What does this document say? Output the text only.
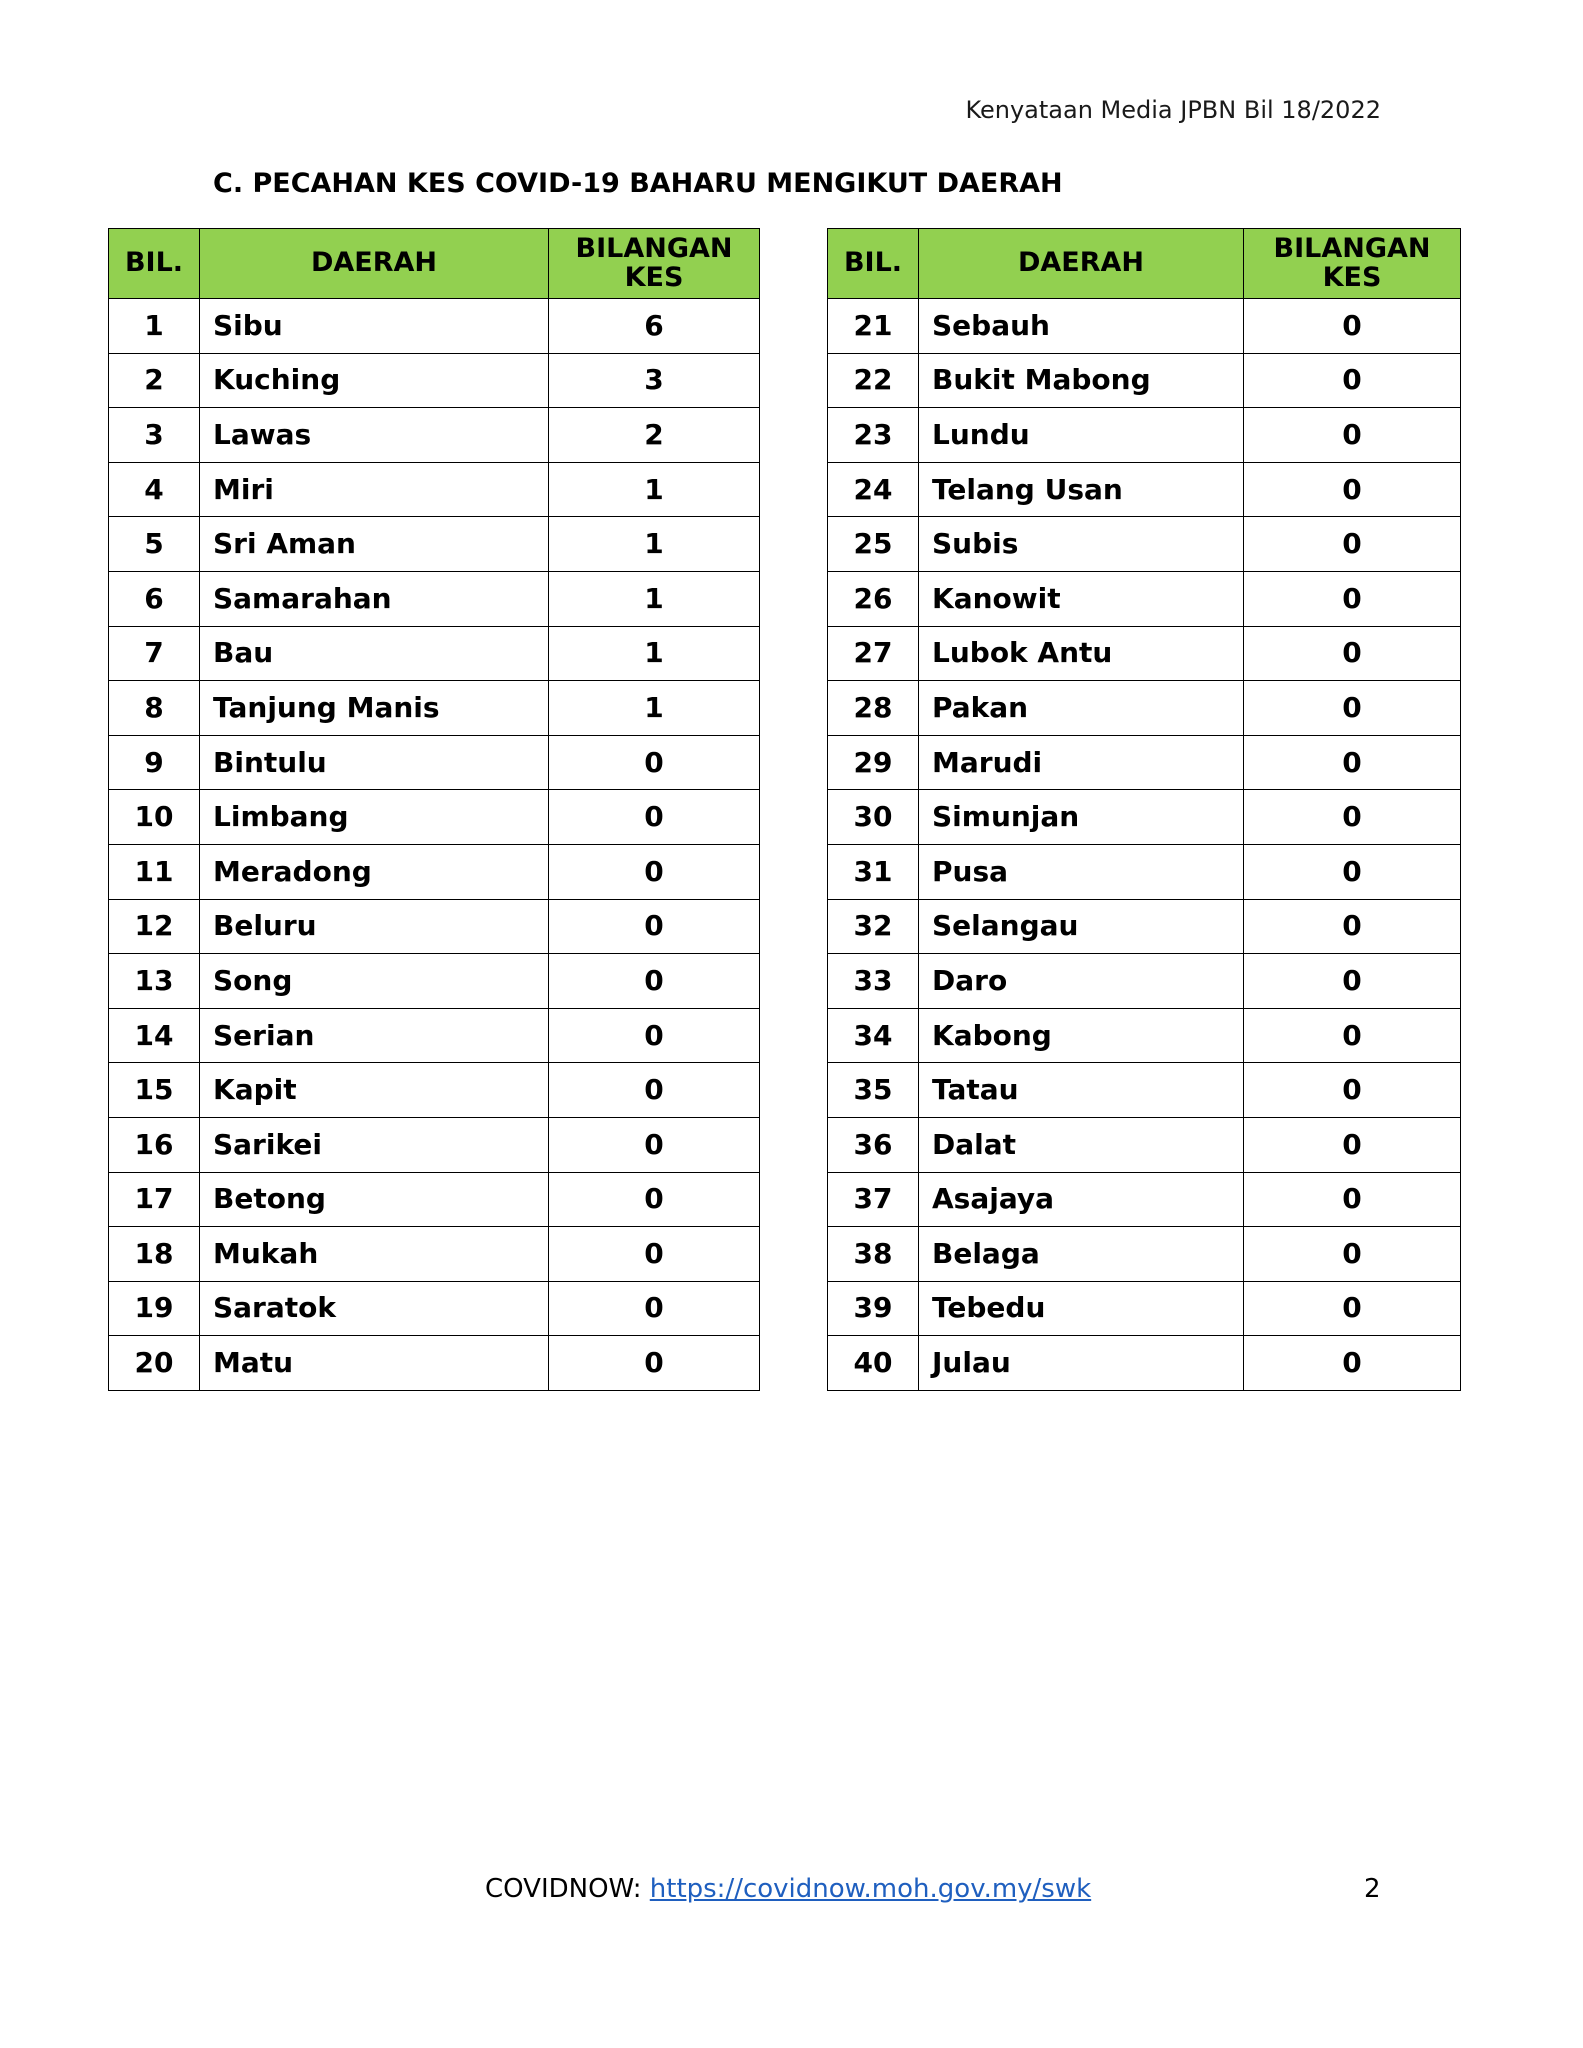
Kenyataan Media JPBN Bil 18/2022
C. PECAHAN KES COVID-19 BAHARU MENGIKUT DAERAH
BIL.	DAERAH	BILANGAN
KES
1	Sibu	6
2	Kuching	3
3	Lawas	2
4	Miri	1
5	Sri Aman	1
6	Samarahan	1
7	Bau	1
8	Tanjung Manis	1
9	Bintulu	0
10	Limbang	0
11	Meradong	0
12	Beluru	0
13	Song	0
14	Serian	0
15	Kapit	0
16	Sarikei	0
17	Betong	0
18	Mukah	0
19	Saratok	0
20	Matu	0
BIL.	DAERAH	BILANGAN
KES
21	Sebauh	0
22	Bukit Mabong	0
23	Lundu	0
24	Telang Usan	0
25	Subis	0
26	Kanowit	0
27	Lubok Antu	0
28	Pakan	0
29	Marudi	0
30	Simunjan	0
31	Pusa	0
32	Selangau	0
33	Daro	0
34	Kabong	0
35	Tatau	0
36	Dalat	0
37	Asajaya	0
38	Belaga	0
39	Tebedu	0
40	Julau	0
COVIDNOW: https://covidnow.moh.gov.my/swk	2
